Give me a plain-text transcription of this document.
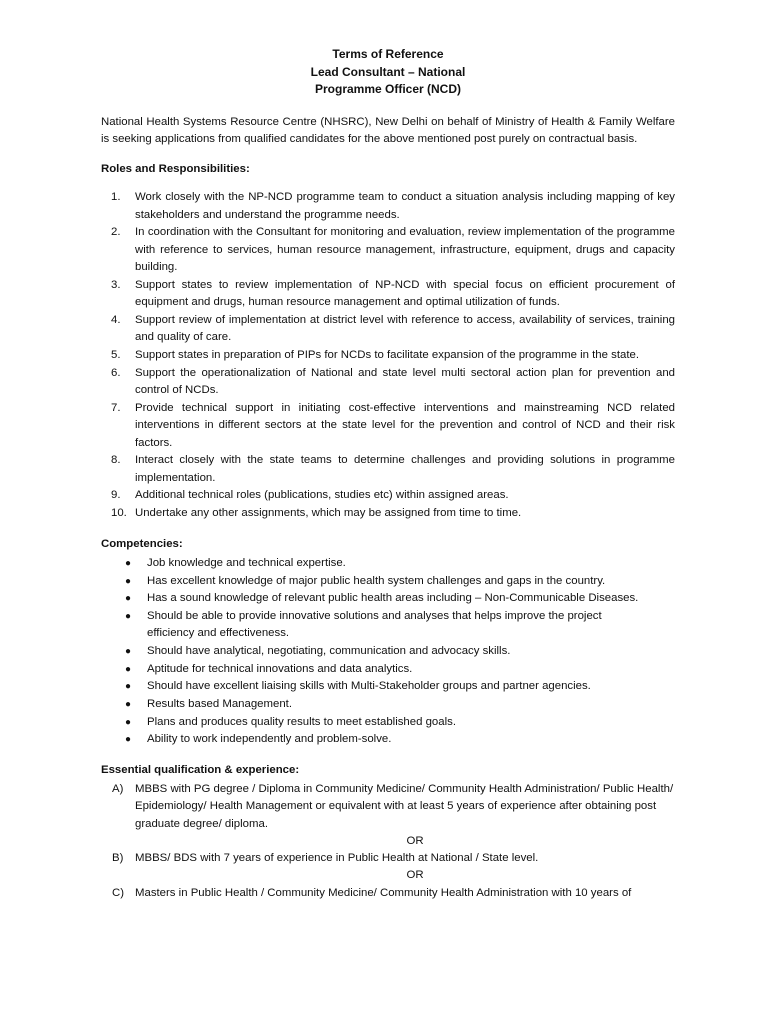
Terms of Reference
Lead Consultant – National
Programme Officer (NCD)
National Health Systems Resource Centre (NHSRC), New Delhi on behalf of Ministry of Health & Family Welfare is seeking applications from qualified candidates for the above mentioned post purely on contractual basis.
Roles and Responsibilities:
1. Work closely with the NP-NCD programme team to conduct a situation analysis including mapping of key stakeholders and understand the programme needs.
2. In coordination with the Consultant for monitoring and evaluation, review implementation of the programme with reference to services, human resource management, infrastructure, equipment, drugs and capacity building.
3. Support states to review implementation of NP-NCD with special focus on efficient procurement of equipment and drugs, human resource management and optimal utilization of funds.
4. Support review of implementation at district level with reference to access, availability of services, training and quality of care.
5. Support states in preparation of PIPs for NCDs to facilitate expansion of the programme in the state.
6. Support the operationalization of National and state level multi sectoral action plan for prevention and control of NCDs.
7. Provide technical support in initiating cost-effective interventions and mainstreaming NCD related interventions in different sectors at the state level for the prevention and control of NCD and their risk factors.
8. Interact closely with the state teams to determine challenges and providing solutions in programme implementation.
9. Additional technical roles (publications, studies etc) within assigned areas.
10. Undertake any other assignments, which may be assigned from time to time.
Competencies:
● Job knowledge and technical expertise.
● Has excellent knowledge of major public health system challenges and gaps in the country.
● Has a sound knowledge of relevant public health areas including – Non-Communicable Diseases.
● Should be able to provide innovative solutions and analyses that helps improve the project efficiency and effectiveness.
● Should have analytical, negotiating, communication and advocacy skills.
● Aptitude for technical innovations and data analytics.
● Should have excellent liaising skills with Multi-Stakeholder groups and partner agencies.
● Results based Management.
● Plans and produces quality results to meet established goals.
● Ability to work independently and problem-solve.
Essential qualification & experience:
A) MBBS with PG degree / Diploma in Community Medicine/ Community Health Administration/ Public Health/ Epidemiology/ Health Management or equivalent with at least 5 years of experience after obtaining post graduate degree/ diploma.
OR
B) MBBS/ BDS with 7 years of experience in Public Health at National / State level.
OR
C) Masters in Public Health / Community Medicine/ Community Health Administration with 10 years of
